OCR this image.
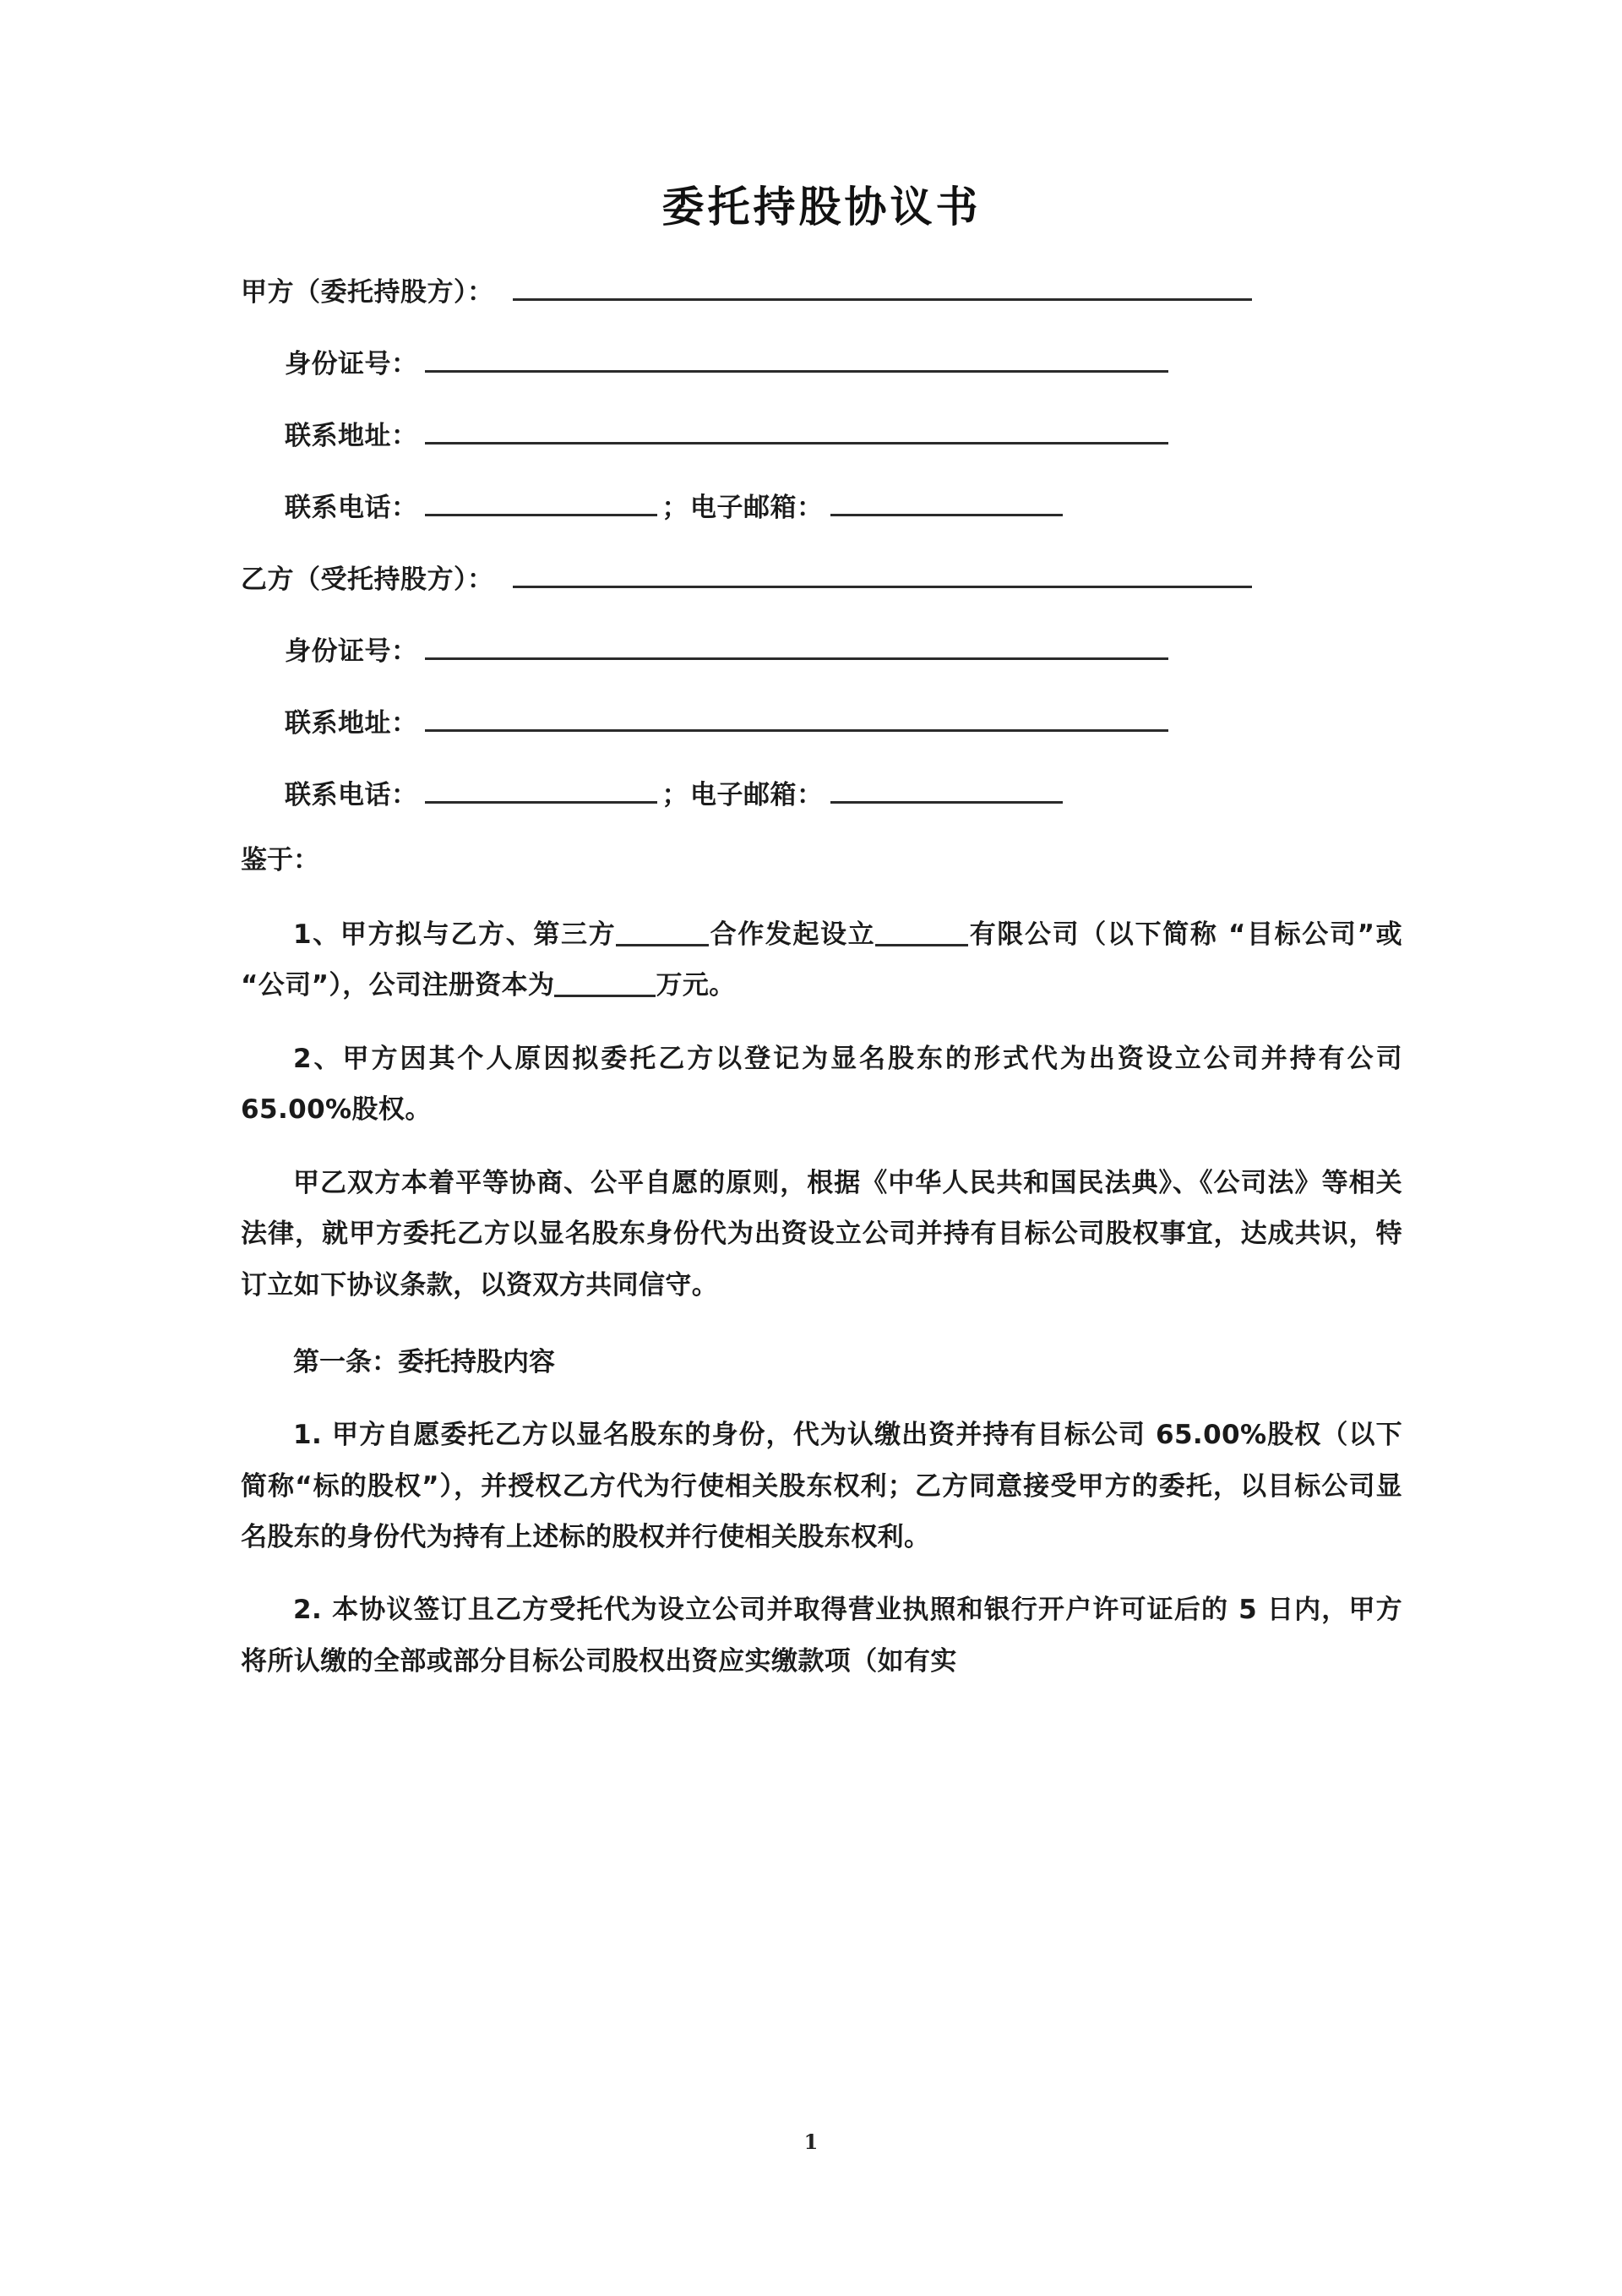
委托持股协议书
甲方（委托持股方）：
身份证号：
联系地址：
联系电话：	； 电子邮箱：
乙方（受托持股方）：
身份证号：
联系地址：
联系电话：	； 电子邮箱：
鉴于：

1、甲方拟与乙方、第三方	合作发起设立	有限公司（以下简称 “目标公司”或“公司”），公司注册资本为	万元。

2、甲方因其个人原因拟委托乙方以登记为显名股东的形式代为出资设立公司并持有公司 65.00%股权。

甲乙双方本着平等协商、公平自愿的原则，根据《中华人民共和国民法典》、《公司法》等相关法律，就甲方委托乙方以显名股东身份代为出资设立公司并持有目标公司股权事宜，达成共识，特订立如下协议条款，以资双方共同信守。

第一条：委托持股内容

1. 甲方自愿委托乙方以显名股东的身份，代为认缴出资并持有目标公司 65.00%股权（以下简称“标的股权”），并授权乙方代为行使相关股东权利；乙方同意接受甲方的委托，以目标公司显名股东的身份代为持有上述标的股权并行使相关股东权利。

2. 本协议签订且乙方受托代为设立公司并取得营业执照和银行开户许可证后的 5 日内，甲方将所认缴的全部或部分目标公司股权出资应实缴款项（如有实

1
